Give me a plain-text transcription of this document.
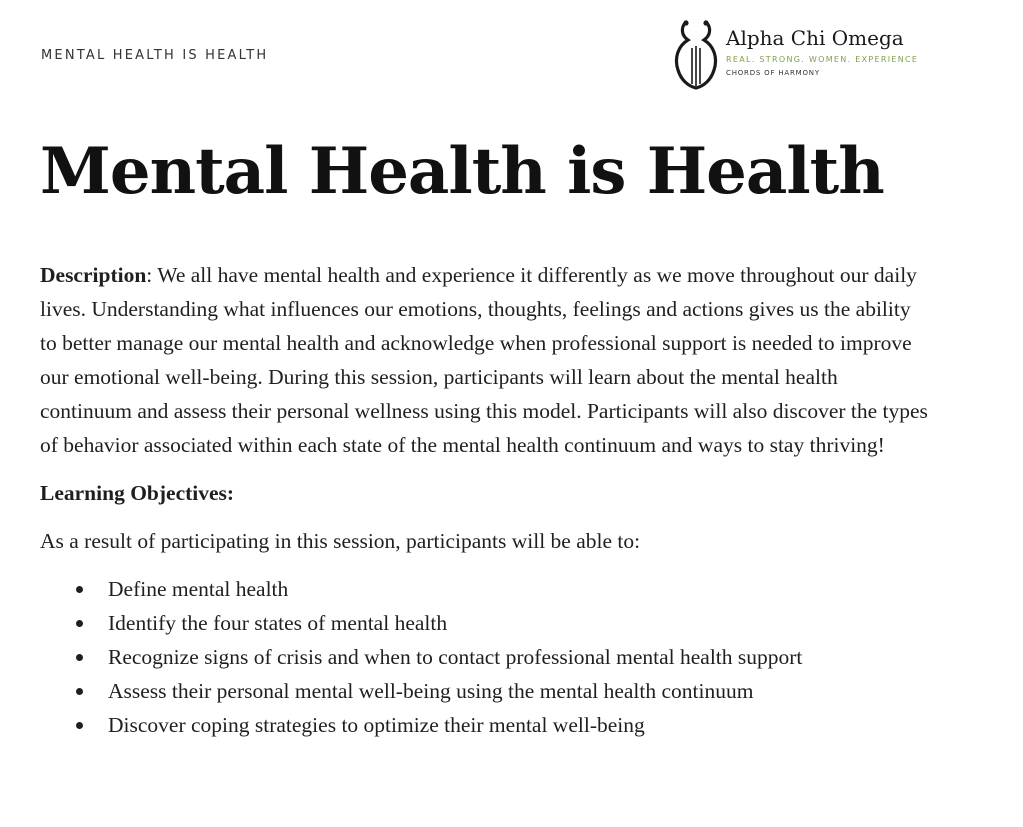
MENTAL HEALTH IS HEALTH

Alpha Chi Omega
REAL. STRONG. WOMEN. EXPERIENCE
CHORDS OF HARMONY
Mental Health is Health

Description: We all have mental health and experience it differently as we move throughout our daily lives. Understanding what influences our emotions, thoughts, feelings and actions gives us the ability to better manage our mental health and acknowledge when professional support is needed to improve our emotional well-being. During this session, participants will learn about the mental health continuum and assess their personal wellness using this model. Participants will also discover the types of behavior associated within each state of the mental health continuum and ways to stay thriving!

Learning Objectives:

As a result of participating in this session, participants will be able to:

Define mental health
Identify the four states of mental health
Recognize signs of crisis and when to contact professional mental health support
Assess their personal mental well-being using the mental health continuum
Discover coping strategies to optimize their mental well-being
